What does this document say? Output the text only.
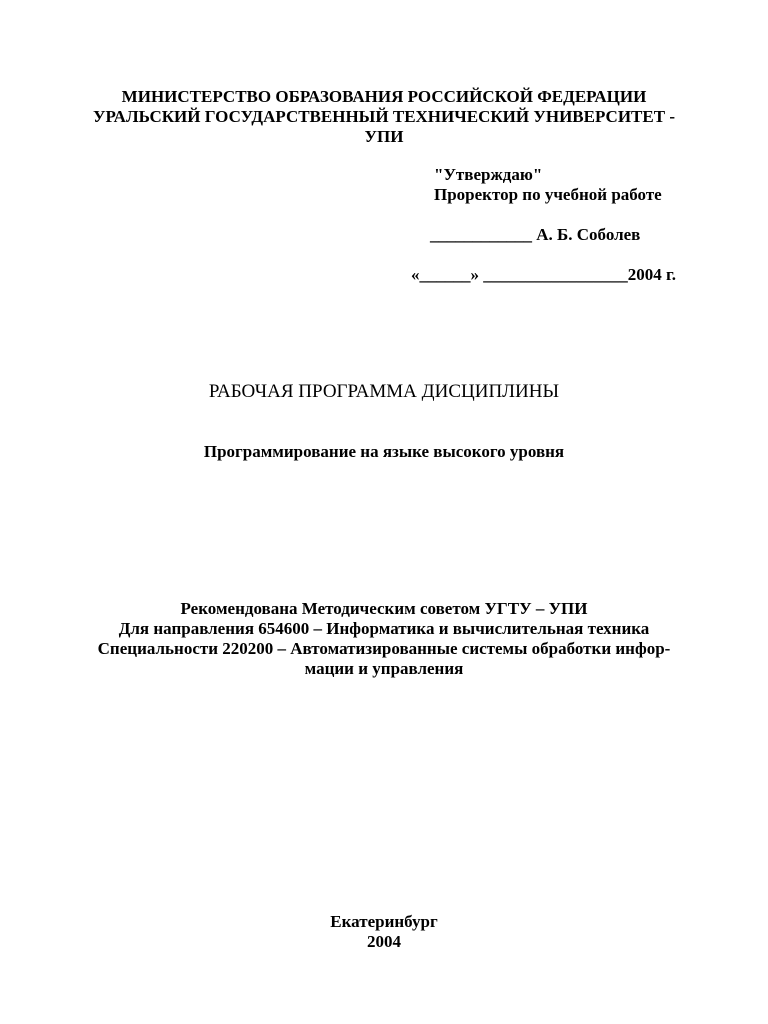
МИНИСТЕРСТВО ОБРАЗОВАНИЯ РОССИЙСКОЙ ФЕДЕРАЦИИ
УРАЛЬСКИЙ ГОСУДАРСТВЕННЫЙ ТЕХНИЧЕСКИЙ УНИВЕРСИТЕТ -
УПИ
"Утверждаю"
Проректор по учебной работе
____________ А. Б. Соболев
«______» _________________2004 г.
РАБОЧАЯ ПРОГРАММА ДИСЦИПЛИНЫ
Программирование на языке высокого уровня
Рекомендована Методическим советом УГТУ – УПИ
Для направления 654600 – Информатика и вычислительная техника
Специальности 220200 – Автоматизированные системы обработки инфор-
мации и управления
Екатеринбург
2004
